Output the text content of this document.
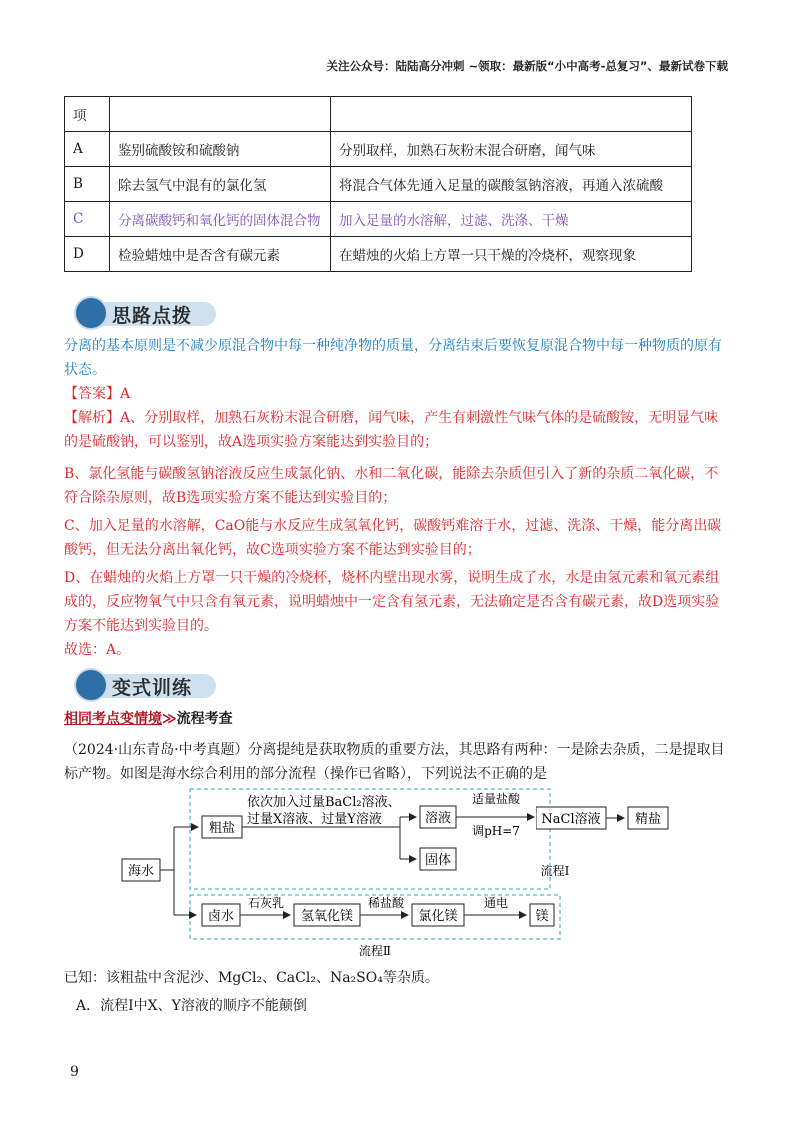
关注公众号：陆陆高分冲刺 ~领取：最新版“小中高考-总复习”、最新试卷下载
项		
A	鉴别硫酸铵和硫酸钠	分别取样，加熟石灰粉末混合研磨，闻气味
B	除去氢气中混有的氯化氢	将混合气体先通入足量的碳酸氢钠溶液，再通入浓硫酸
C	分离碳酸钙和氧化钙的固体混合物	加入足量的水溶解，过滤、洗涤、干燥
D	检验蜡烛中是否含有碳元素	在蜡烛的火焰上方罩一只干燥的冷烧杯，观察现象
思路点拨
分离的基本原则是不减少原混合物中每一种纯净物的质量，分离结束后要恢复原混合物中每一种物质的原有状态。
【答案】A
【解析】A、分别取样，加熟石灰粉末混合研磨，闻气味，产生有刺激性气味气体的是硫酸铵，无明显气味的是硫酸钠，可以鉴别，故A选项实验方案能达到实验目的；
B、氯化氢能与碳酸氢钠溶液反应生成氯化钠、水和二氧化碳，能除去杂质但引入了新的杂质二氧化碳，不符合除杂原则，故B选项实验方案不能达到实验目的；
C、加入足量的水溶解，CaO能与水反应生成氢氧化钙，碳酸钙难溶于水，过滤、洗涤、干燥，能分离出碳酸钙，但无法分离出氧化钙，故C选项实验方案不能达到实验目的；
D、在蜡烛的火焰上方罩一只干燥的冷烧杯，烧杯内壁出现水雾，说明生成了水，水是由氢元素和氧元素组成的，反应物氧气中只含有氧元素，说明蜡烛中一定含有氢元素，无法确定是否含有碳元素，故D选项实验方案不能达到实验目的。
故选：A。
变式训练
相同考点变情境≫流程考查
（2024·山东青岛·中考真题）分离提纯是获取物质的重要方法，其思路有两种：一是除去杂质，二是提取目标产物。如图是海水综合利用的部分流程（操作已省略），下列说法不正确的是
海水
粗盐
依次加入过量BaCl₂溶液、
过量X溶液、过量Y溶液	溶液
固体
适量盐酸
调pH=7
流程Ⅰ
卤水
石灰乳
氢氧化镁
稀盐酸
氯化镁
通电
镁
流程Ⅱ
NaCl溶液	精盐
已知：该粗盐中含泥沙、MgCl₂、CaCl₂、Na₂SO₄等杂质。
A．流程Ⅰ中X、Y溶液的顺序不能颠倒
9
